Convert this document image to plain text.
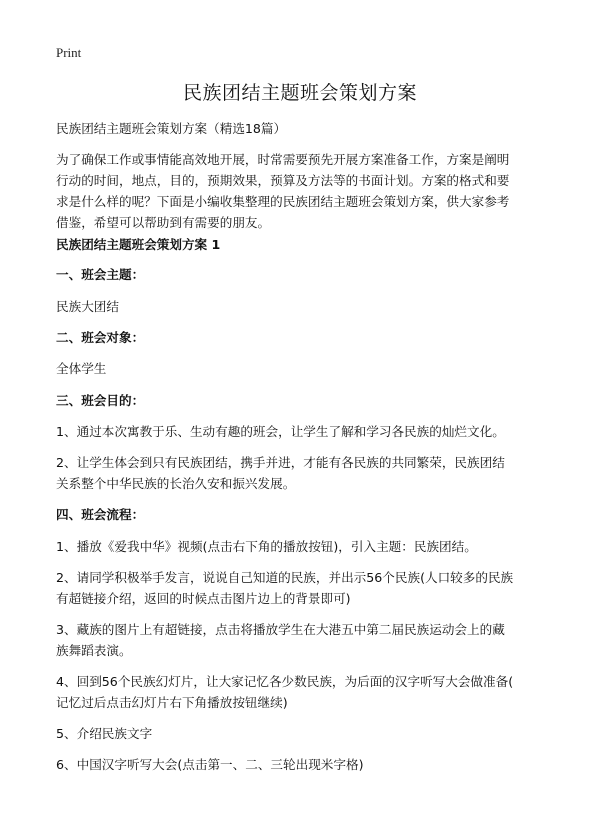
Print
民族团结主题班会策划方案
民族团结主题班会策划方案（精选18篇）
为了确保工作或事情能高效地开展，时常需要预先开展方案准备工作，方案是阐明
行动的时间，地点，目的，预期效果，预算及方法等的书面计划。方案的格式和要
求是什么样的呢？下面是小编收集整理的民族团结主题班会策划方案，供大家参考
借鉴，希望可以帮助到有需要的朋友。
民族团结主题班会策划方案 1
一、班会主题：
民族大团结
二、班会对象：
全体学生
三、班会目的：
1、通过本次寓教于乐、生动有趣的班会，让学生了解和学习各民族的灿烂文化。
2、让学生体会到只有民族团结，携手并进，才能有各民族的共同繁荣，民族团结
关系整个中华民族的长治久安和振兴发展。
四、班会流程：
1、播放《爱我中华》视频(点击右下角的播放按钮)，引入主题：民族团结。
2、请同学积极举手发言，说说自己知道的民族，并出示56个民族(人口较多的民族
有超链接介绍，返回的时候点击图片边上的背景即可)
3、藏族的图片上有超链接，点击将播放学生在大港五中第二届民族运动会上的藏
族舞蹈表演。
4、回到56个民族幻灯片，让大家记忆各少数民族，为后面的汉字听写大会做准备(
记忆过后点击幻灯片右下角播放按钮继续)
5、介绍民族文字
6、中国汉字听写大会(点击第一、二、三轮出现米字格)
